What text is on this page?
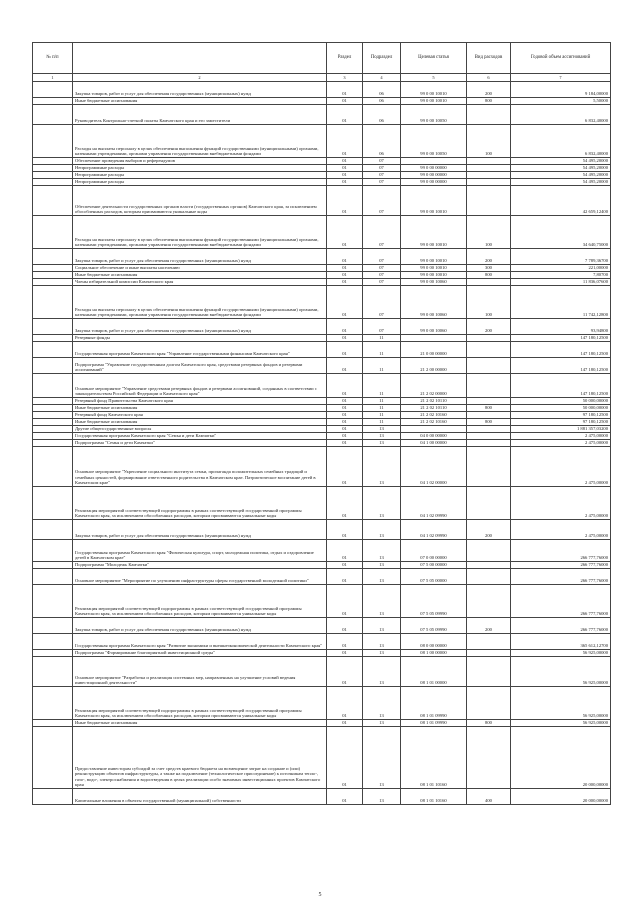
№ п/п		Раздел	Подраздел	Целевая статья	Вид расходов	Годовой объем ассигнований
1	2	3	4	5	6	7
	Закупка товаров, работ и услуг для обеспечения государственных (муниципальных) нужд	01	06	99 0 00 10010	200	9 184,00000
	Иные бюджетные ассигнования	01	06	99 0 00 10010	800	5,50000
	Руководитель Контрольно-счетной палаты Камчатского края и его заместители	01	06	99 0 00 10050		6 832,40000
	Расходы на выплаты персоналу в целях обеспечения выполнения функций государственными (муниципальными) органами, казенными учреждениями, органами управления государственными внебюджетными фондами	01	06	99 0 00 10050	100	6 832,40000
	Обеспечение проведения выборов и референдумов	01	07			54 495,20000
	Непрограммные расходы	01	07	99 0 00 00000		54 495,20000
	Непрограммные расходы	01	07	99 0 00 00000		54 495,20000
	Непрограммные расходы	01	07	99 0 00 00000		54 495,20000
	Обеспечение деятельности государственных органов власти (государственных органов) Камчатского края, за исключением обособленных расходов, которым присваиваются уникальные коды	01	07	99 0 00 10010		42 659,12400
	Расходы на выплаты персоналу в целях обеспечения выполнения функций государственными (муниципальными) органами, казенными учреждениями, органами управления государственными внебюджетными фондами	01	07	99 0 00 10010	100	34 640,75000
	Закупка товаров, работ и услуг для обеспечения государственных (муниципальных) нужд	01	07	99 0 00 10010	200	7 789,36700
	Социальное обеспечение и иные выплаты населению	01	07	99 0 00 10010	300	221,00000
	Иные бюджетные ассигнования	01	07	99 0 00 10010	800	7,80700
	Члены избирательной комиссии Камчатского края	01	07	99 0 00 10060		11 836,07600
	Расходы на выплаты персоналу в целях обеспечения выполнения функций государственными (муниципальными) органами, казенными учреждениями, органами управления государственными внебюджетными фондами	01	07	99 0 00 10060	100	11 742,12800
	Закупка товаров, работ и услуг для обеспечения государственных (муниципальных) нужд	01	07	99 0 00 10060	200	93,94800
	Резервные фонды	01	11			147 180,12500
	Государственная программа Камчатского края "Управление государственными финансами Камчатского края"	01	11	21 0 00 00000		147 180,12500
	Подпрограмма "Управление государственным долгом Камчатского края, средствами резервных фондов и резервами ассигнований"	01	11	21 2 00 00000		147 180,12500
	Основное мероприятие "Управление средствами резервных фондов и резервами ассигнований, созданных в соответствии с законодательством Российской Федерации и Камчатского края"	01	11	21 2 02 00000		147 180,12500
	Резервный фонд Правительства Камчатского края	01	11	21 2 02 10110		50 000,00000
	Иные бюджетные ассигнования	01	11	21 2 02 10110	800	50 000,00000
	Резервный фонд Камчатского края	01	11	21 2 02 10160		97 180,12500
	Иные бюджетные ассигнования	01	11	21 2 02 10160	800	97 180,12500
	Другие общегосударственные вопросы	01	13			1 881 357,03200
	Государственная программа Камчатского края "Семья и дети Камчатки"	01	13	04 0 00 00000		2 475,00000
	Подпрограмма "Семья и дети Камчатки"	01	13	04 1 00 00000		2 475,00000
	Основное мероприятие "Укрепление социального института семьи, пропаганда положительных семейных традиций и семейных ценностей, формирование ответственного родительства в Камчатском крае. Патриотическое воспитание детей в Камчатском крае"	01	13	04 1 02 00000		2 475,00000
	Реализация мероприятий соответствующей подпрограммы в рамках соответствующей государственной программы Камчатского края, за исключением обособленных расходов, которым присваиваются уникальные коды	01	13	04 1 02 09990		2 475,00000
	Закупка товаров, работ и услуг для обеспечения государственных (муниципальных) нужд	01	13	04 1 02 09990	200	2 475,00000
	Государственная программа Камчатского края "Физическая культура, спорт, молодежная политика, отдых и оздоровление детей в Камчатском крае"	01	13	07 0 00 00000		266 777,76000
	Подпрограмма "Молодежь Камчатки"	01	13	07 5 00 00000		266 777,76000
	Основное мероприятие "Мероприятие по улучшению инфраструктуры сферы государственной молодежной политики"	01	13	07 5 05 00000		266 777,76000
	Реализация мероприятий соответствующей подпрограммы в рамках соответствующей государственной программы Камчатского края, за исключением обособленных расходов, которым присваиваются уникальные коды	01	13	07 5 05 09990		266 777,76000
	Закупка товаров, работ и услуг для обеспечения государственных (муниципальных) нужд	01	13	07 5 05 09990	200	266 777,76000
	Государственная программа Камчатского края "Развитие экономики и внешнеэкономической деятельности Камчатского края"	01	13	08 0 00 00000		365 612,12700
	Подпрограмма "Формирование благоприятной инвестиционной среды"	01	13	08 1 00 00000		56 925,00000
	Основное мероприятие "Разработка и реализация системных мер, направленных на улучшение условий ведения инвестиционной деятельности"	01	13	08 1 01 00000		56 925,00000
	Реализация мероприятий соответствующей подпрограммы в рамках соответствующей государственной программы Камчатского края, за исключением обособленных расходов, которым присваиваются уникальные коды	01	13	08 1 01 09990		56 925,00000
	Иные бюджетные ассигнования	01	13	08 1 01 09990	800	56 925,00000
	Предоставление инвесторам субсидий за счет средств краевого бюджета на возмещение затрат на создание и (или) реконструкцию объектов инфраструктуры, а также на подключение (технологическое присоединение) к источникам тепло-, газо-, водо-, электроснабжения и водоотведения в целях реализации особо значимых инвестиционных проектов Камчатского края	01	13	08 1 01 10160		20 000,00000
	Капитальные вложения в объекты государственной (муниципальной) собственности	01	13	08 1 01 10160	400	20 000,00000
5
